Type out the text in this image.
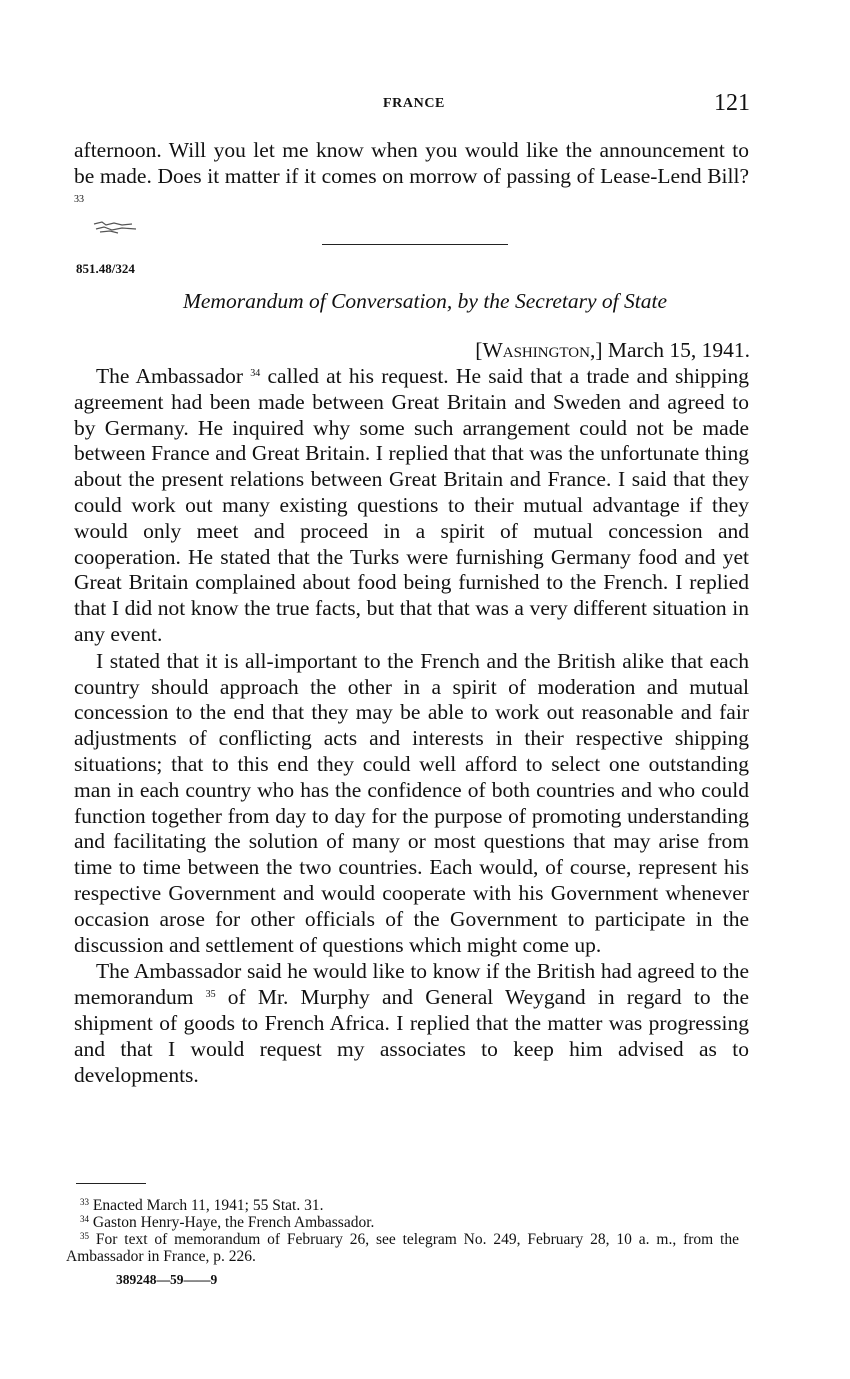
FRANCE	121

afternoon. Will you let me know when you would like the announcement to be made. Does it matter if it comes on morrow of passing of Lease-Lend Bill? $^{33}$

851.48/324
Memorandum of Conversation, by the Secretary of State
[Washington,] March 15, 1941.

The Ambassador $^{34}$ called at his request. He said that a trade and shipping agreement had been made between Great Britain and Sweden and agreed to by Germany. He inquired why some such arrangement could not be made between France and Great Britain. I replied that that was the unfortunate thing about the present relations between Great Britain and France. I said that they could work out many existing questions to their mutual advantage if they would only meet and proceed in a spirit of mutual concession and cooperation. He stated that the Turks were furnishing Germany food and yet Great Britain complained about food being furnished to the French. I replied that I did not know the true facts, but that that was a very different situation in any event.

I stated that it is all-important to the French and the British alike that each country should approach the other in a spirit of moderation and mutual concession to the end that they may be able to work out reasonable and fair adjustments of conflicting acts and interests in their respective shipping situations; that to this end they could well afford to select one outstanding man in each country who has the confidence of both countries and who could function together from day to day for the purpose of promoting understanding and facilitating the solution of many or most questions that may arise from time to time between the two countries. Each would, of course, represent his respective Government and would cooperate with his Government whenever occasion arose for other officials of the Government to participate in the discussion and settlement of questions which might come up.

The Ambassador said he would like to know if the British had agreed to the memorandum $^{35}$ of Mr. Murphy and General Weygand in regard to the shipment of goods to French Africa. I replied that the matter was progressing and that I would request my associates to keep him advised as to developments.

$^{33}$ Enacted March 11, 1941; 55 Stat. 31.

$^{34}$ Gaston Henry-Haye, the French Ambassador.

$^{35}$ For text of memorandum of February 26, see telegram No. 249, February 28, 10 a. m., from the Ambassador in France, p. 226.

389248—59——9
